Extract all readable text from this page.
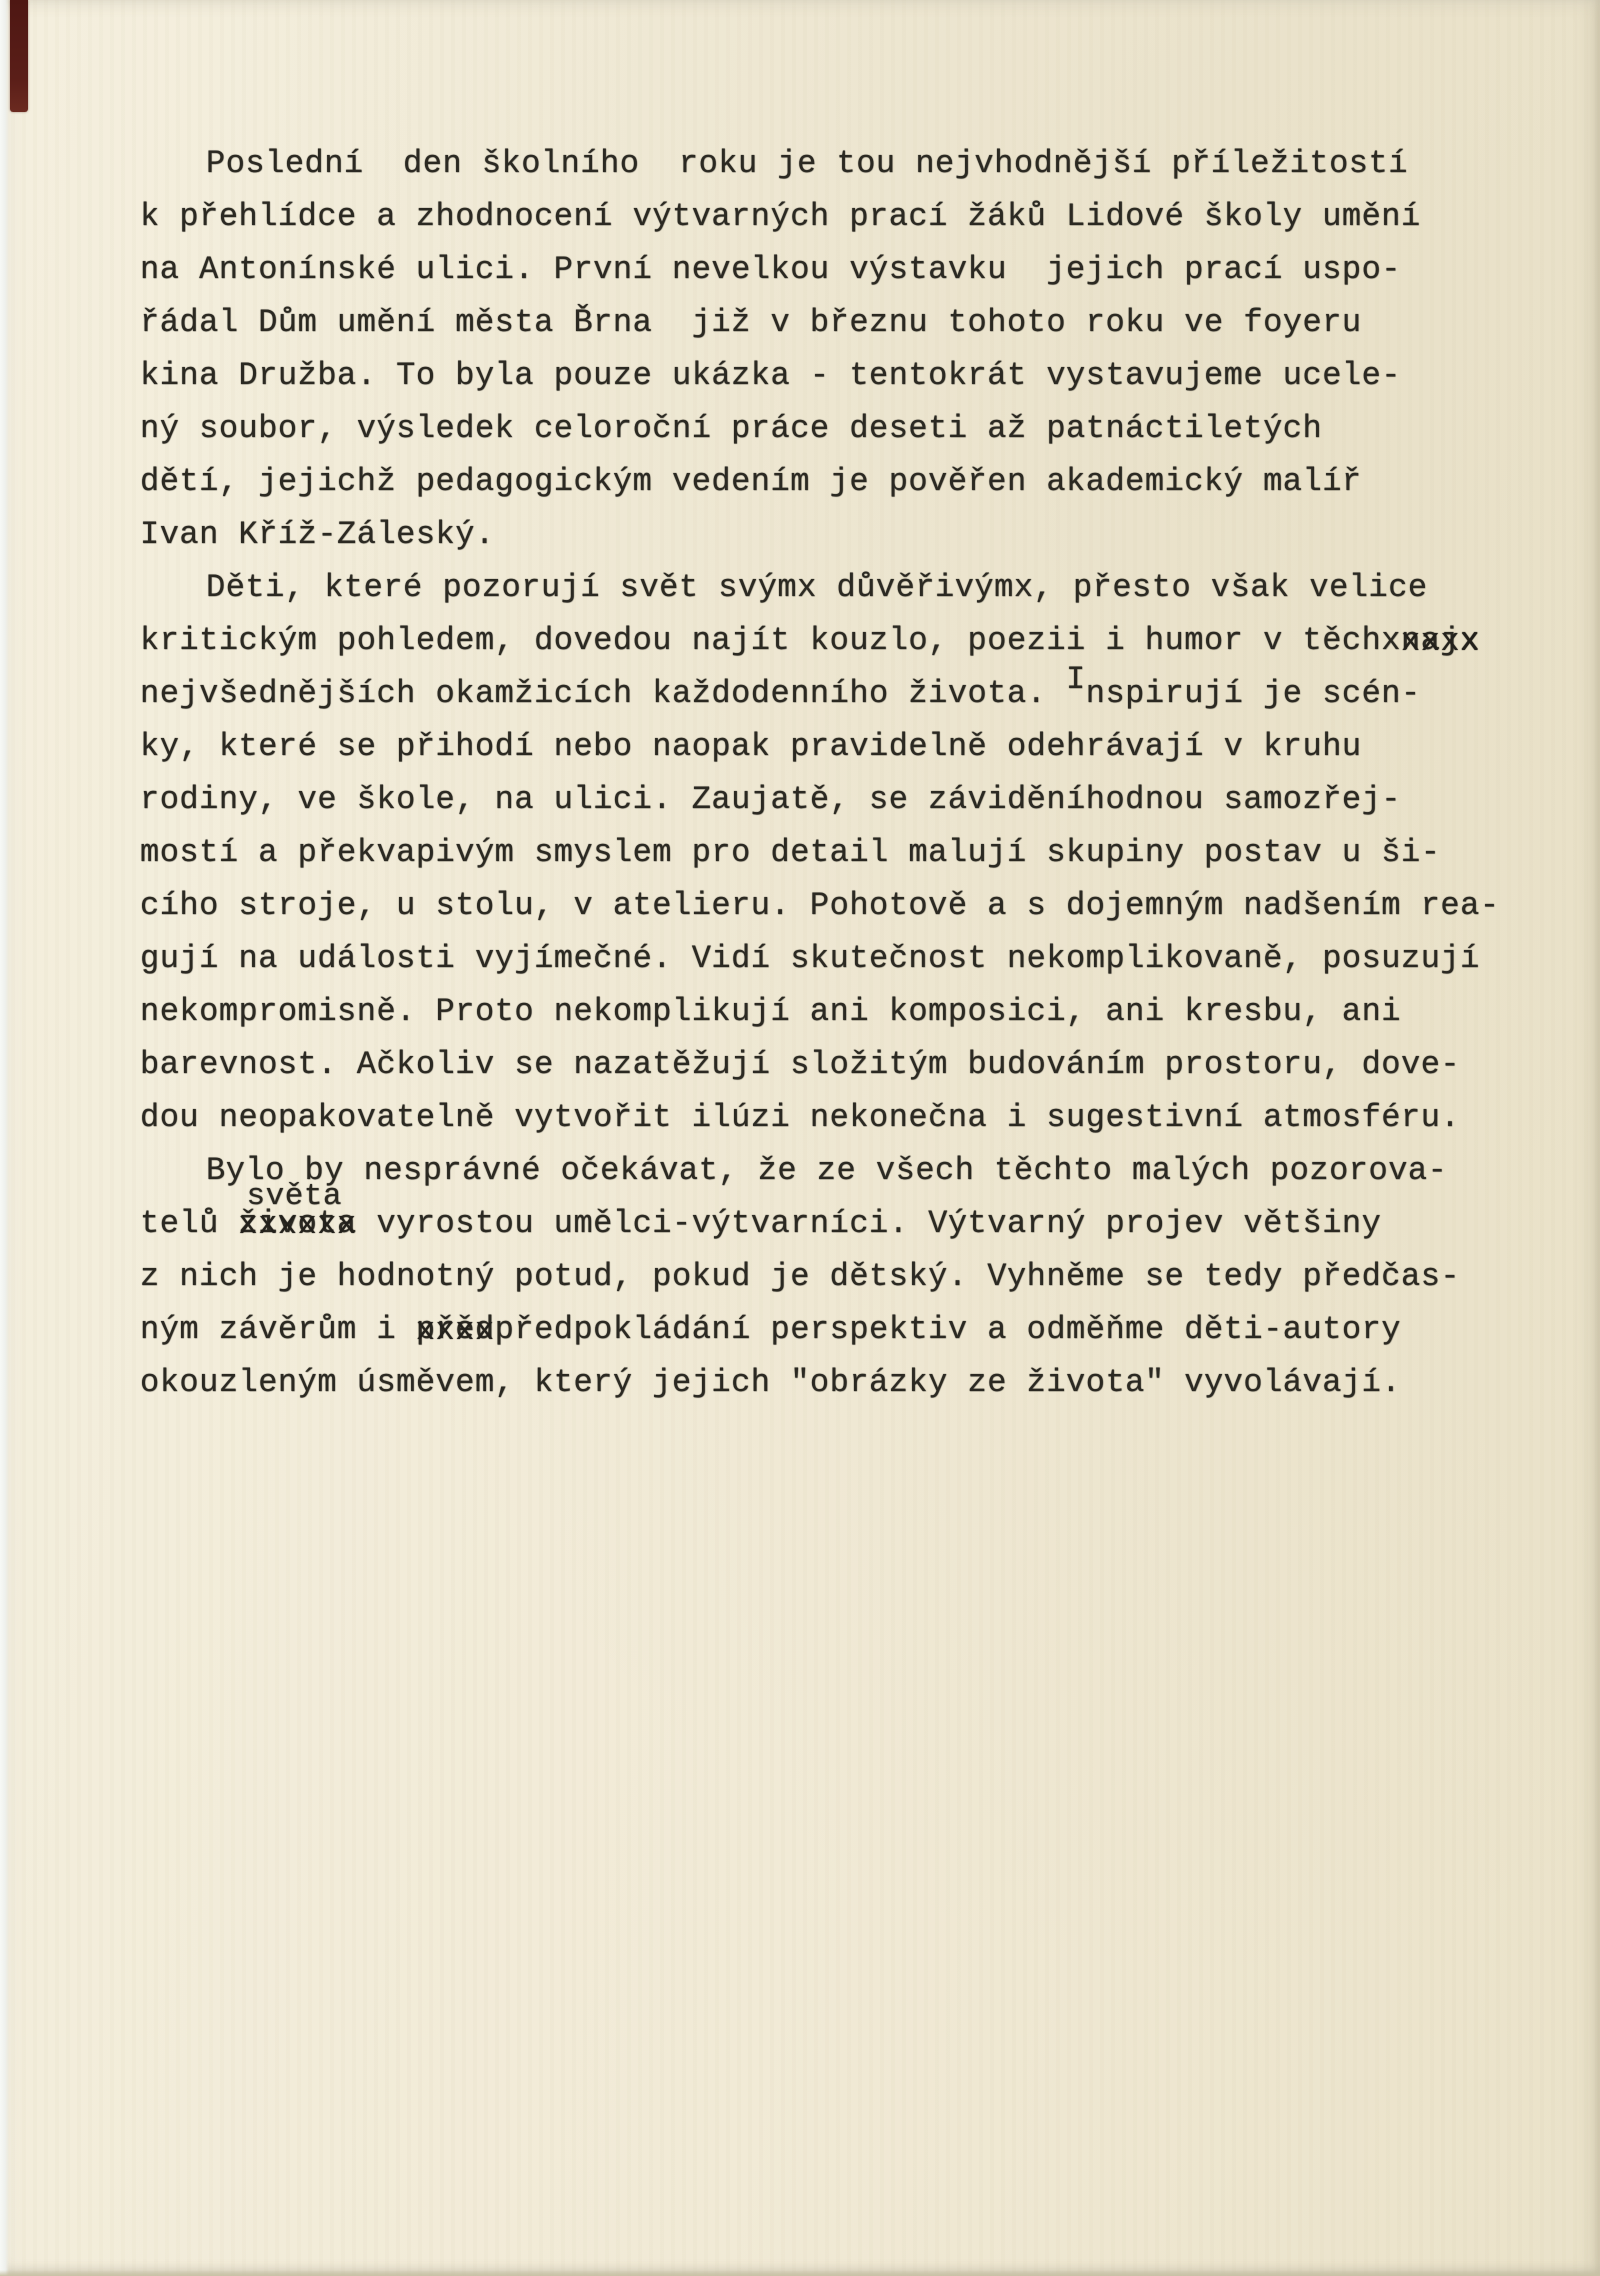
Poslední  den školního  roku je tou nejvhodnější příležitostí
k přehlídce a zhodnocení výtvarných prací žáků Lidové školy umění
na Antonínské ulici. První nevelkou výstavku  jejich prací uspo-
řádal Dům umění města B̌rna  již v březnu tohoto roku ve foyeru
kina Družba. To byla pouze ukázka - tentokrát vystavujeme ucele-
ný soubor, výsledek celoroční práce deseti až patnáctiletých
dětí, jejichž pedagogickým vedením je pověřen akademický malíř
Ivan Kříž-Záleský.
Děti, které pozorují svět svýmx důvěřivýmx, přesto však velice
kritickým pohledem, dovedou najít kouzlo, poezii i humor v těchxnajx xxxx
nejvšednějších okamžicích každodenního života. Inspirují je scén-
ky, které se přihodí nebo naopak pravidelně odehrávají v kruhu
rodiny, ve škole, na ulici. Zaujatě, se záviděníhodnou samozřej-
mostí a překvapivým smyslem pro detail malují skupiny postav u ši-
cího stroje, u stolu, v atelieru. Pohotově a s dojemným nadšením rea-
gují na události vyjímečné. Vidí skutečnost nekomplikovaně, posuzují
nekompromisně. Proto nekomplikují ani komposici, ani kresbu, ani
barevnost. Ačkoliv se nazatěžují složitým budováním prostoru, dove-
dou neopakovatelně vytvořit ilúzi nekonečna i sugestivní atmosféru.
Bylo by nesprávné očekávat, že ze všech těchto malých pozorova-
telů života
světa
xxxxxx vyrostou umělci-výtvarníci. Výtvarný projev většiny
z nich je hodnotný potud, pokud je dětský. Vyhněme se tedy předčas-
ným závěrům i přěd xxxxpředpokládání perspektiv a odměňme děti-autory
okouzleným úsměvem, který jejich "obrázky ze života" vyvolávají.
